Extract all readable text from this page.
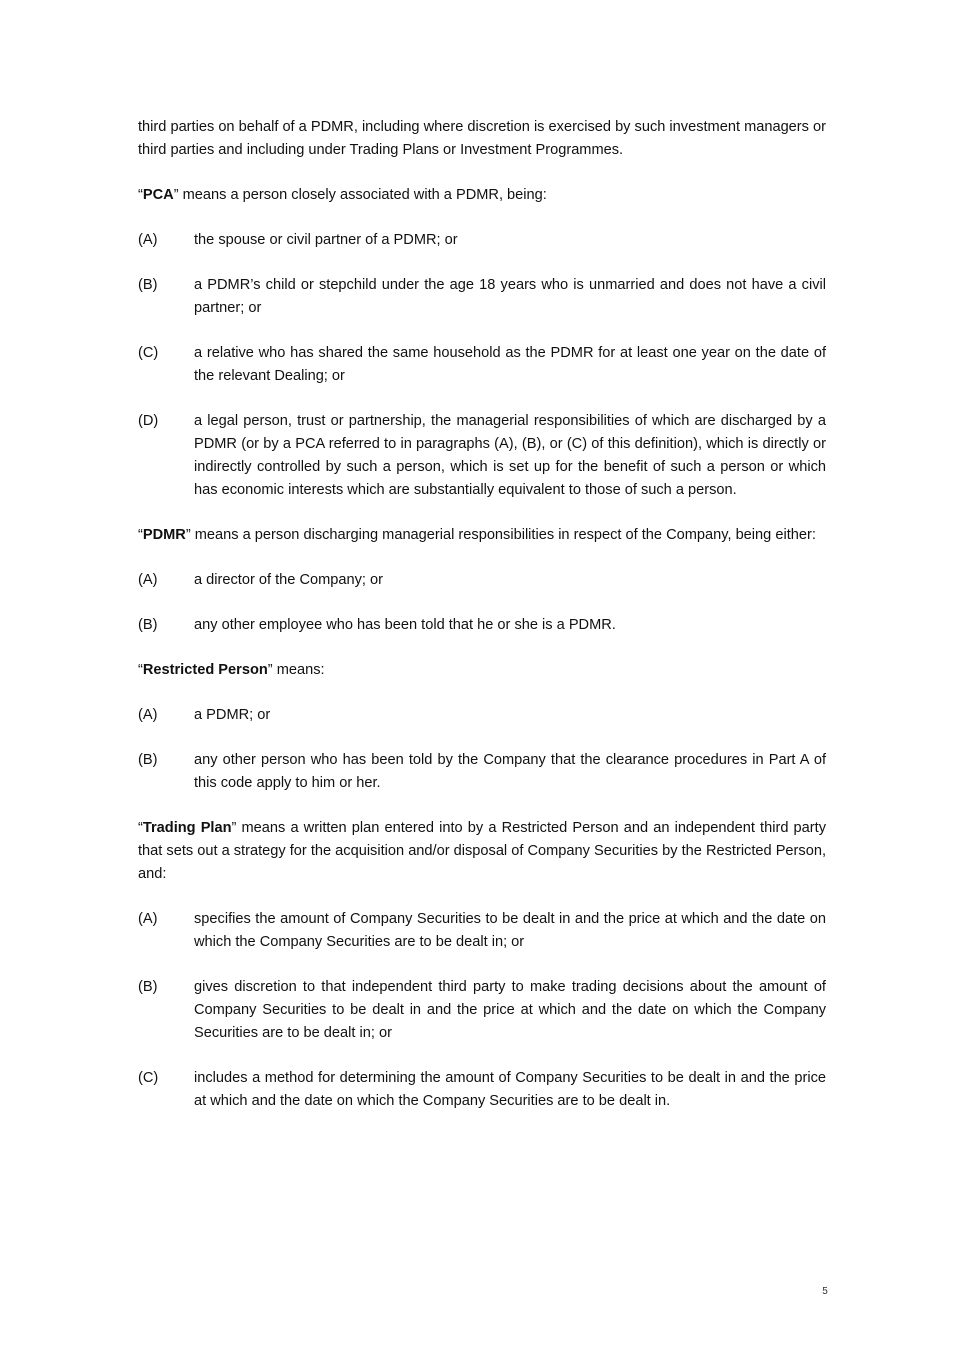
third parties on behalf of a PDMR, including where discretion is exercised by such investment managers or third parties and including under Trading Plans or Investment Programmes.

“PCA” means a person closely associated with a PDMR, being:

(A)	the spouse or civil partner of a PDMR; or
(B)	a PDMR’s child or stepchild under the age 18 years who is unmarried and does not have a civil partner; or
(C)	a relative who has shared the same household as the PDMR for at least one year on the date of the relevant Dealing; or
(D)	a legal person, trust or partnership, the managerial responsibilities of which are discharged by a PDMR (or by a PCA referred to in paragraphs (A), (B), or (C) of this definition), which is directly or indirectly controlled by such a person, which is set up for the benefit of such a person or which has economic interests which are substantially equivalent to those of such a person.

“PDMR” means a person discharging managerial responsibilities in respect of the Company, being either:

(A)	a director of the Company; or
(B)	any other employee who has been told that he or she is a PDMR.

“Restricted Person” means:

(A)	a PDMR; or
(B)	any other person who has been told by the Company that the clearance procedures in Part A of this code apply to him or her.

“Trading Plan” means a written plan entered into by a Restricted Person and an independent third party that sets out a strategy for the acquisition and/or disposal of Company Securities by the Restricted Person, and:

(A)	specifies the amount of Company Securities to be dealt in and the price at which and the date on which the Company Securities are to be dealt in; or
(B)	gives discretion to that independent third party to make trading decisions about the amount of Company Securities to be dealt in and the price at which and the date on which the Company Securities are to be dealt in; or
(C)	includes a method for determining the amount of Company Securities to be dealt in and the price at which and the date on which the Company Securities are to be dealt in.
5
